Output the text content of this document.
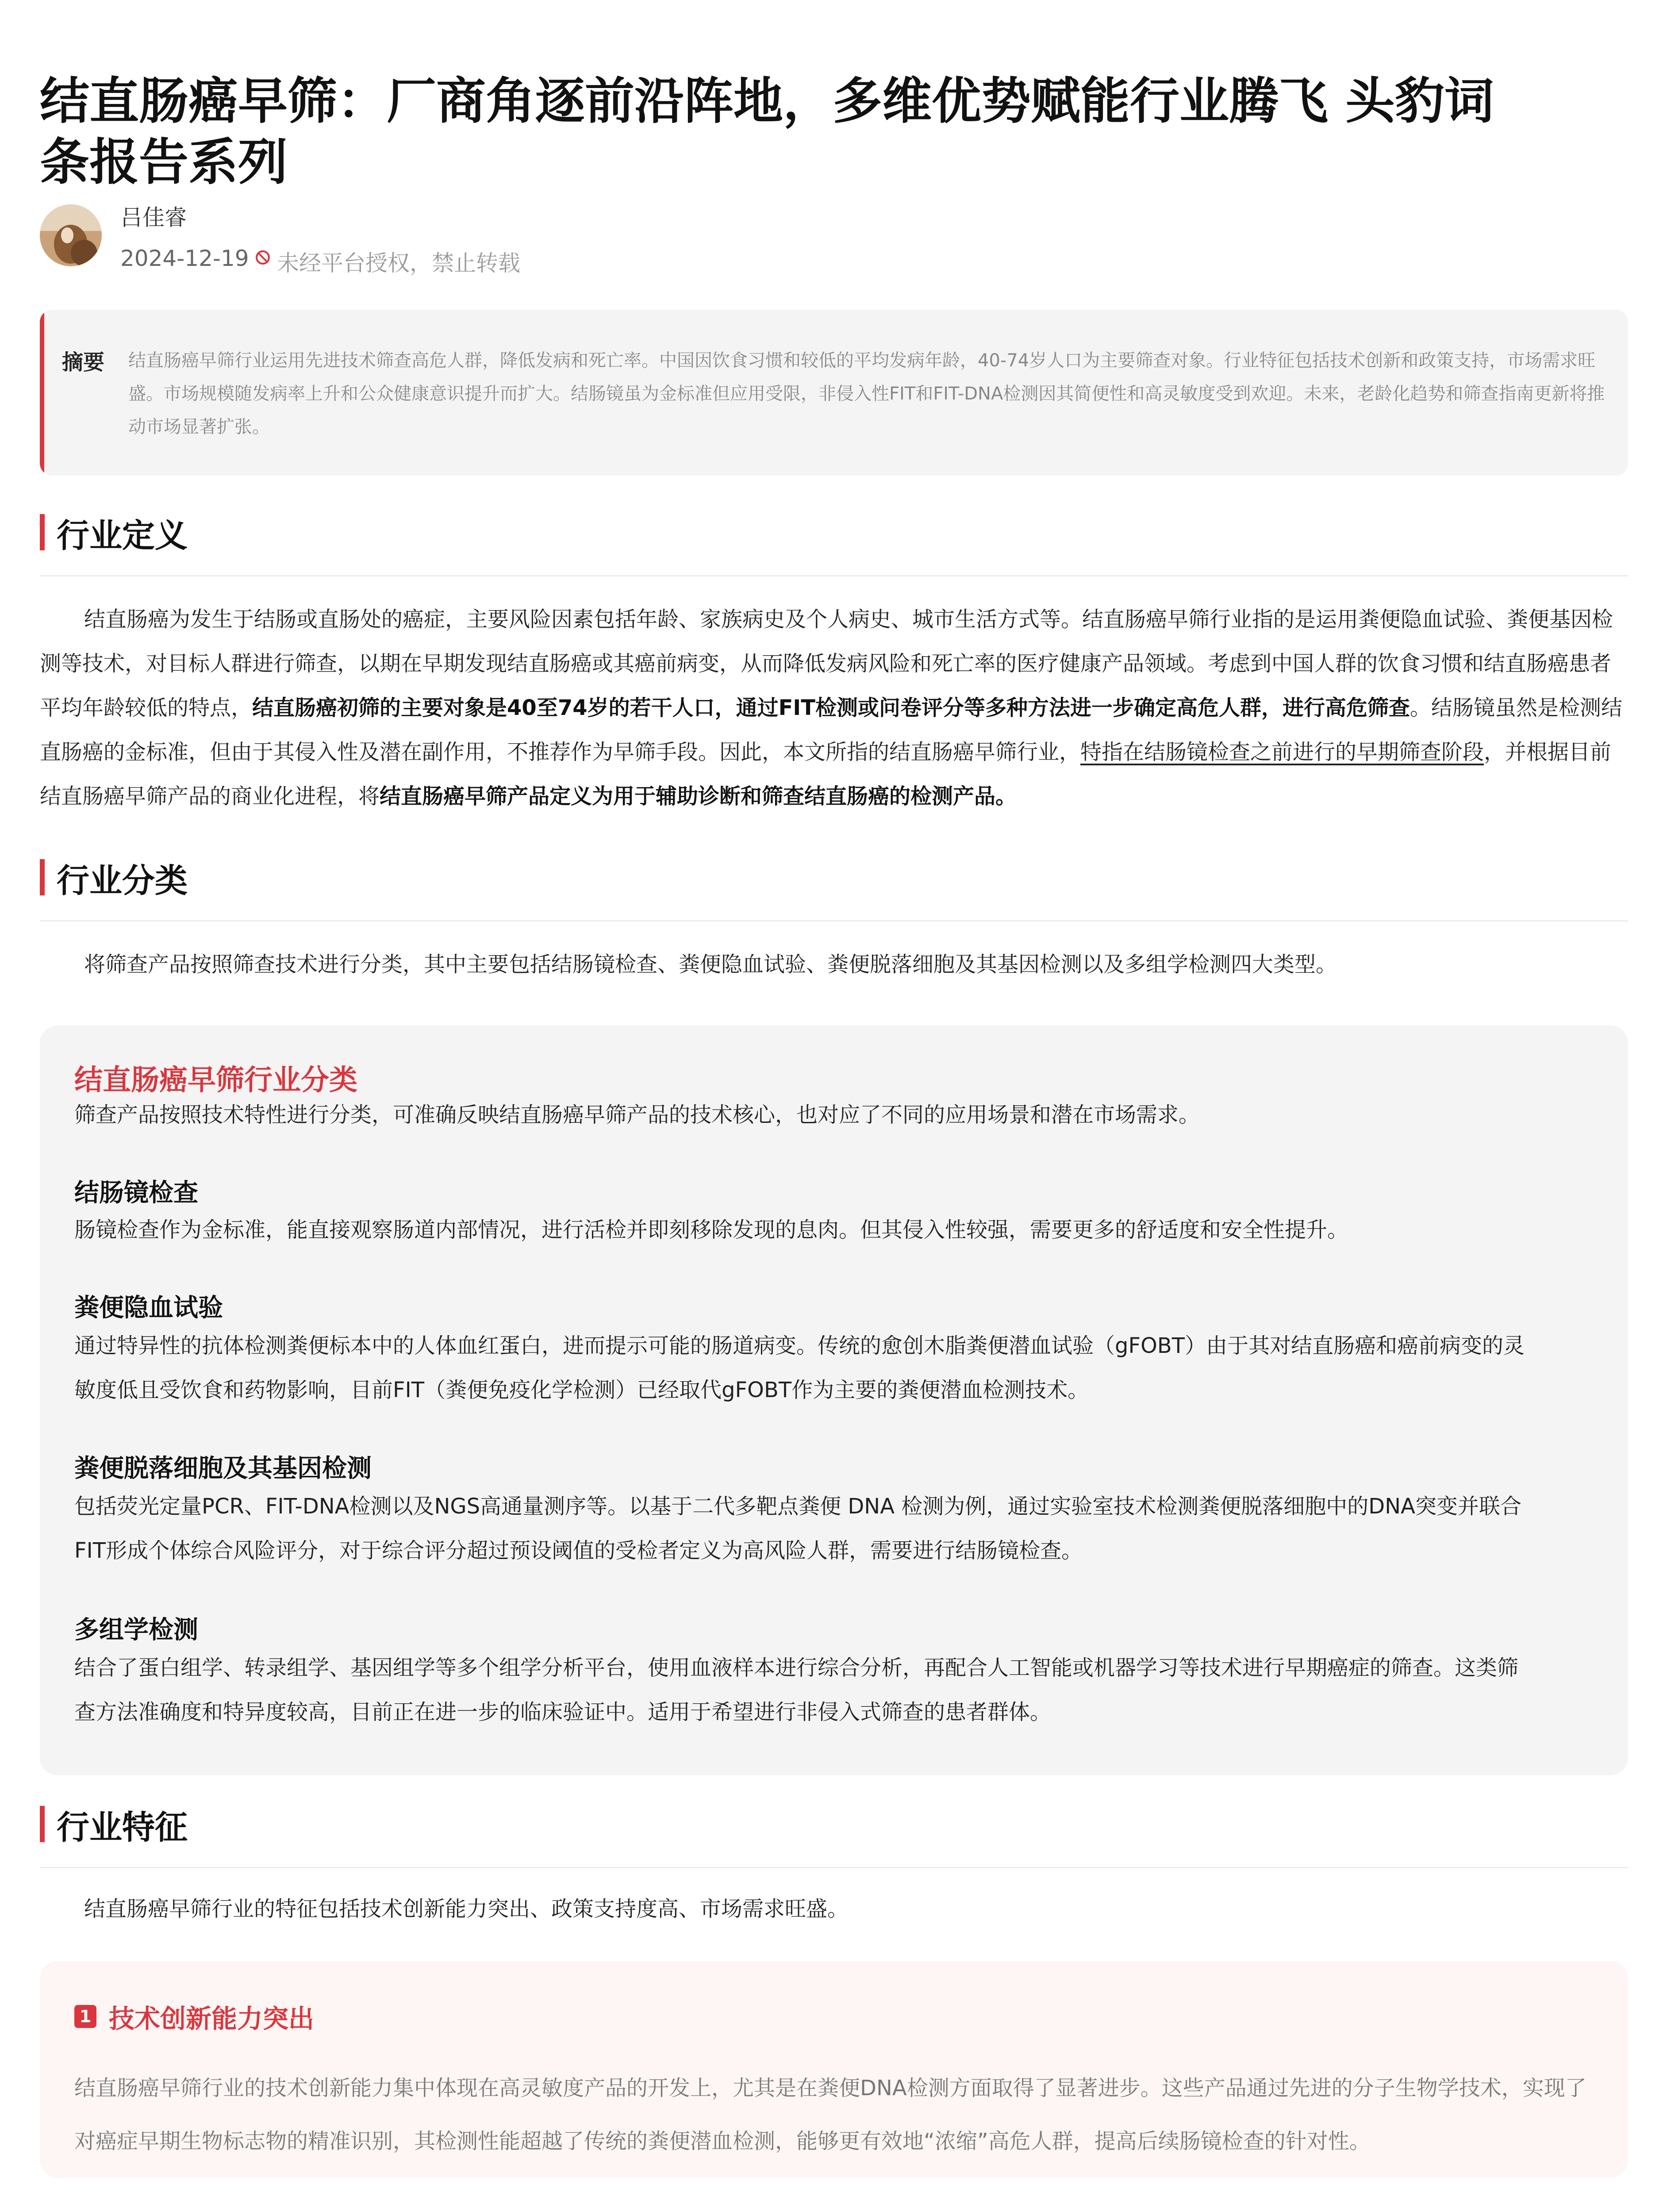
结直肠癌早筛：厂商角逐前沿阵地，多维优势赋能行业腾飞 头豹词条报告系列
吕佳睿
2024-12-19 未经平台授权，禁止转载
摘要 结直肠癌早筛行业运用先进技术筛查高危人群，降低发病和死亡率。中国因饮食习惯和较低的平均发病年龄，40-74岁人口为主要筛查对象。行业特征包括技术创新和政策支持，市场需求旺盛。市场规模随发病率上升和公众健康意识提升而扩大。结肠镜虽为金标准但应用受限，非侵入性FIT和FIT-DNA检测因其简便性和高灵敏度受到欢迎。未来，老龄化趋势和筛查指南更新将推动市场显著扩张。
行业定义
结直肠癌为发生于结肠或直肠处的癌症，主要风险因素包括年龄、家族病史及个人病史、城市生活方式等。结直肠癌早筛行业指的是运用粪便隐血试验、粪便基因检测等技术，对目标人群进行筛查，以期在早期发现结直肠癌或其癌前病变，从而降低发病风险和死亡率的医疗健康产品领域。考虑到中国人群的饮食习惯和结直肠癌患者平均年龄较低的特点，结直肠癌初筛的主要对象是40至74岁的若干人口，通过FIT检测或问卷评分等多种方法进一步确定高危人群，进行高危筛查。结肠镜虽然是检测结直肠癌的金标准，但由于其侵入性及潜在副作用，不推荐作为早筛手段。因此，本文所指的结直肠癌早筛行业，特指在结肠镜检查之前进行的早期筛查阶段，并根据目前结直肠癌早筛产品的商业化进程，将结直肠癌早筛产品定义为用于辅助诊断和筛查结直肠癌的检测产品。
行业分类
将筛查产品按照筛查技术进行分类，其中主要包括结肠镜检查、粪便隐血试验、粪便脱落细胞及其基因检测以及多组学检测四大类型。
结直肠癌早筛行业分类
筛查产品按照技术特性进行分类，可准确反映结直肠癌早筛产品的技术核心，也对应了不同的应用场景和潜在市场需求。
结肠镜检查
肠镜检查作为金标准，能直接观察肠道内部情况，进行活检并即刻移除发现的息肉。但其侵入性较强，需要更多的舒适度和安全性提升。
粪便隐血试验
通过特异性的抗体检测粪便标本中的人体血红蛋白，进而提示可能的肠道病变。传统的愈创木脂粪便潜血试验（gFOBT）由于其对结直肠癌和癌前病变的灵
敏度低且受饮食和药物影响，目前FIT（粪便免疫化学检测）已经取代gFOBT作为主要的粪便潜血检测技术。
粪便脱落细胞及其基因检测
包括荧光定量PCR、FIT-DNA检测以及NGS高通量测序等。以基于二代多靶点粪便 DNA 检测为例，通过实验室技术检测粪便脱落细胞中的DNA突变并联合
FIT形成个体综合风险评分，对于综合评分超过预设阈值的受检者定义为高风险人群，需要进行结肠镜检查。
多组学检测
结合了蛋白组学、转录组学、基因组学等多个组学分析平台，使用血液样本进行综合分析，再配合人工智能或机器学习等技术进行早期癌症的筛查。这类筛
查方法准确度和特异度较高，目前正在进一步的临床验证中。适用于希望进行非侵入式筛查的患者群体。
行业特征
结直肠癌早筛行业的特征包括技术创新能力突出、政策支持度高、市场需求旺盛。
1 技术创新能力突出
结直肠癌早筛行业的技术创新能力集中体现在高灵敏度产品的开发上，尤其是在粪便DNA检测方面取得了显著进步。这些产品通过先进的分子生物学技术，实现了对癌症早期生物标志物的精准识别，其检测性能超越了传统的粪便潜血检测，能够更有效地“浓缩”高危人群，提高后续肠镜检查的针对性。
